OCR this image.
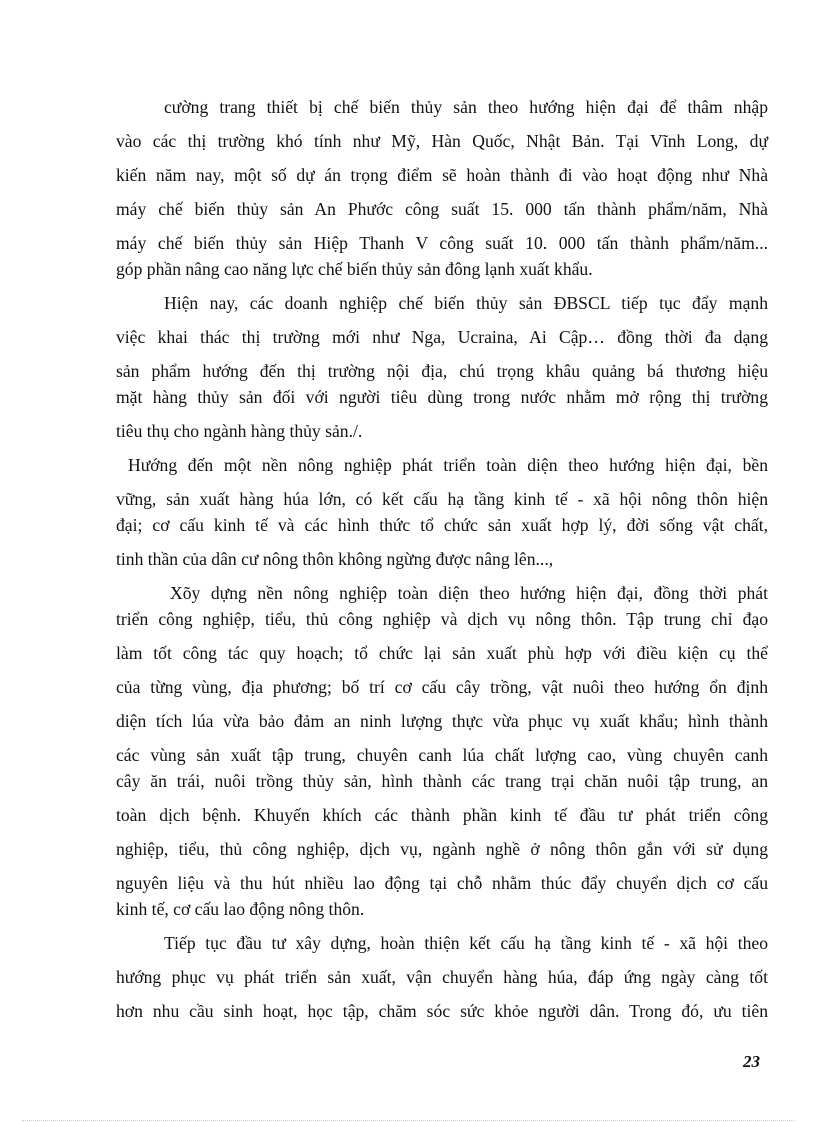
cường trang thiết bị chế biến thủy sản theo hướng hiện đại để thâm nhập
vào các thị trường khó tính như Mỹ, Hàn Quốc, Nhật Bản. Tại Vĩnh Long, dự
kiến năm nay, một số dự án trọng điểm sẽ hoàn thành đi vào hoạt động như Nhà
máy chế biến thủy sản An Phước công suất 15. 000 tấn thành phẩm/năm, Nhà
máy chế biến thủy sản Hiệp Thanh V công suất 10. 000 tấn thành phẩm/năm...
góp phần nâng cao năng lực chế biến thủy sản đông lạnh xuất khẩu.
Hiện nay, các doanh nghiệp chế biến thủy sản ĐBSCL tiếp tục đẩy mạnh
việc khai thác thị trường mới như Nga, Ucraina, Ai Cập… đồng thời đa dạng
sản phẩm hướng đến thị trường nội địa, chú trọng khâu quảng bá thương hiệu
mặt hàng thủy sản đối với người tiêu dùng trong nước nhằm mở rộng thị trường
tiêu thụ cho ngành hàng thủy sản./.
Hướng đến một nền nông nghiệp phát triển toàn diện theo hướng hiện đại, bền
vững, sản xuất hàng húa lớn, có kết cấu hạ tầng kinh tế - xã hội nông thôn hiện
đại; cơ cấu kinh tế và các hình thức tổ chức sản xuất hợp lý, đời sống vật chất,
tinh thần của dân cư nông thôn không ngừng được nâng lên...,
Xõy dựng nền nông nghiệp toàn diện theo hướng hiện đại, đồng thời phát
triển công nghiệp, tiểu, thủ công nghiệp và dịch vụ nông thôn. Tập trung chỉ đạo
làm tốt công tác quy hoạch; tổ chức lại sản xuất phù hợp với điều kiện cụ thể
của từng vùng, địa phương; bố trí cơ cấu cây trồng, vật nuôi theo hướng ổn định
diện tích lúa vừa bảo đảm an ninh lượng thực vừa phục vụ xuất khẩu; hình thành
các vùng sản xuất tập trung, chuyên canh lúa chất lượng cao, vùng chuyên canh
cây ăn trái, nuôi trồng thủy sản, hình thành các trang trại chăn nuôi tập trung, an
toàn dịch bệnh. Khuyến khích các thành phần kinh tế đầu tư phát triển công
nghiệp, tiểu, thủ công nghiệp, dịch vụ, ngành nghề ở nông thôn gắn với sử dụng
nguyên liệu và thu hút nhiều lao động tại chỗ nhằm thúc đẩy chuyển dịch cơ cấu
kinh tế, cơ cấu lao động nông thôn.
Tiếp tục đầu tư xây dựng, hoàn thiện kết cấu hạ tầng kinh tế - xã hội theo
hướng phục vụ phát triển sản xuất, vận chuyển hàng húa, đáp ứng ngày càng tốt
hơn nhu cầu sinh hoạt, học tập, chăm sóc sức khỏe người dân. Trong đó, ưu tiên
23
